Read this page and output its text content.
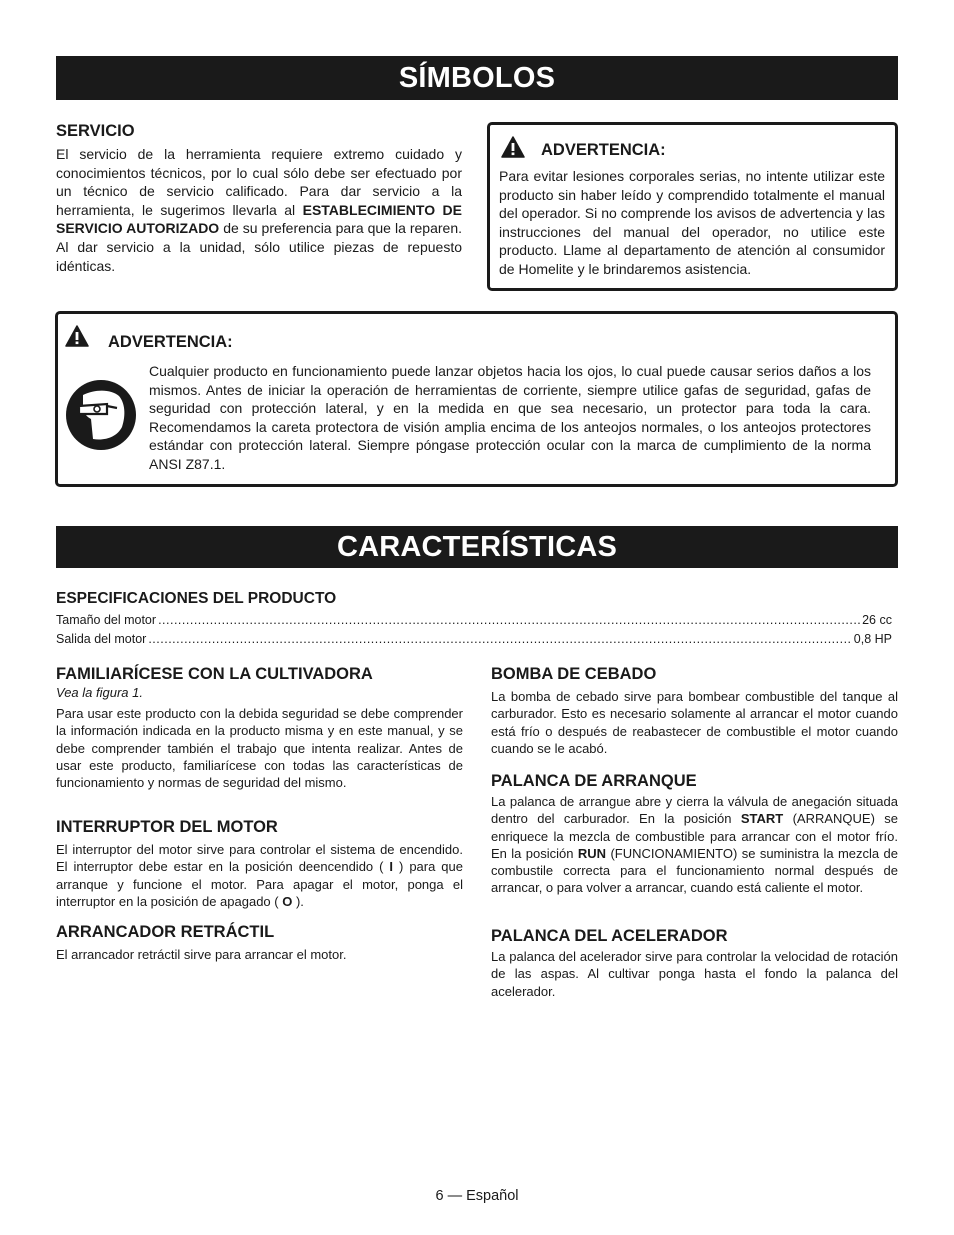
SÍMBOLOS
SERVICIO
El servicio de la herramienta requiere extremo cuidado y conocimientos técnicos, por lo cual sólo debe ser efectuado por un técnico de servicio calificado. Para dar servicio a la herramienta, le sugerimos llevarla al ESTABLECIMIENTO DE SERVICIO AUTORIZADO de su preferencia para que la reparen. Al dar servicio a la unidad, sólo utilice piezas de repuesto idénticas.
ADVERTENCIA:
Para evitar lesiones corporales serias, no intente utilizar este producto sin haber leído y comprendido totalmente el manual del operador. Si no comprende los avisos de advertencia y las instrucciones del manual del operador, no utilice este producto. Llame al departamento de atención al consumidor de Homelite y le brindaremos asistencia.
ADVERTENCIA:
Cualquier producto en funcionamiento puede lanzar objetos hacia los ojos, lo cual puede causar serios daños a los mismos. Antes de iniciar la operación de herramientas de corriente, siempre utilice gafas de seguridad, gafas de seguridad con protección lateral, y en la medida en que sea necesario, un protector para toda la cara. Recomendamos la careta protectora de visión amplia encima de los anteojos normales, o los anteojos protectores estándar con protección lateral. Siempre póngase protección ocular con la marca de cumplimiento de la norma ANSI Z87.1.
CARACTERÍSTICAS
ESPECIFICACIONES DEL PRODUCTO
Tamaño del motor .....	26 cc
Salida del motor .....	0,8 HP
FAMILIARÍCESE CON LA CULTIVADORA
Vea la figura 1.
Para usar este producto con la debida seguridad se debe comprender la información indicada en la producto misma y en este manual, y se debe comprender también el trabajo que intenta realizar. Antes de usar este producto, familiarícese con todas las características de funcionamiento y normas de seguridad del mismo.
INTERRUPTOR DEL MOTOR
El interruptor del motor sirve para controlar el sistema de encendido. El interruptor debe estar en la posición deencendido ( I ) para que arranque y funcione el motor. Para apagar el motor, ponga el interruptor en la posición de apagado ( O ).
ARRANCADOR RETRÁCTIL
El arrancador retráctil sirve para arrancar el motor.
BOMBA DE CEBADO
La bomba de cebado sirve para bombear combustible del tanque al carburador. Esto es necesario solamente al arrancar el motor cuando está frío o después de reabastecer de combustible el motor cuando cuando se le acabó.
PALANCA DE ARRANQUE
La palanca de arrangue abre y cierra la válvula de anegación situada dentro del carburador. En la posición START (ARRANQUE) se enriquece la mezcla de combustible para arrancar con el motor frío. En la posición RUN (FUNCIONAMIENTO) se suministra la mezcla de combustile correcta para el funcionamiento normal después de arrancar, o para volver a arrancar, cuando está caliente el motor.
PALANCA DEL ACELERADOR
La palanca del acelerador sirve para controlar la velocidad de rotación de las aspas. Al cultivar ponga hasta el fondo la palanca del acelerador.
6 — Español
